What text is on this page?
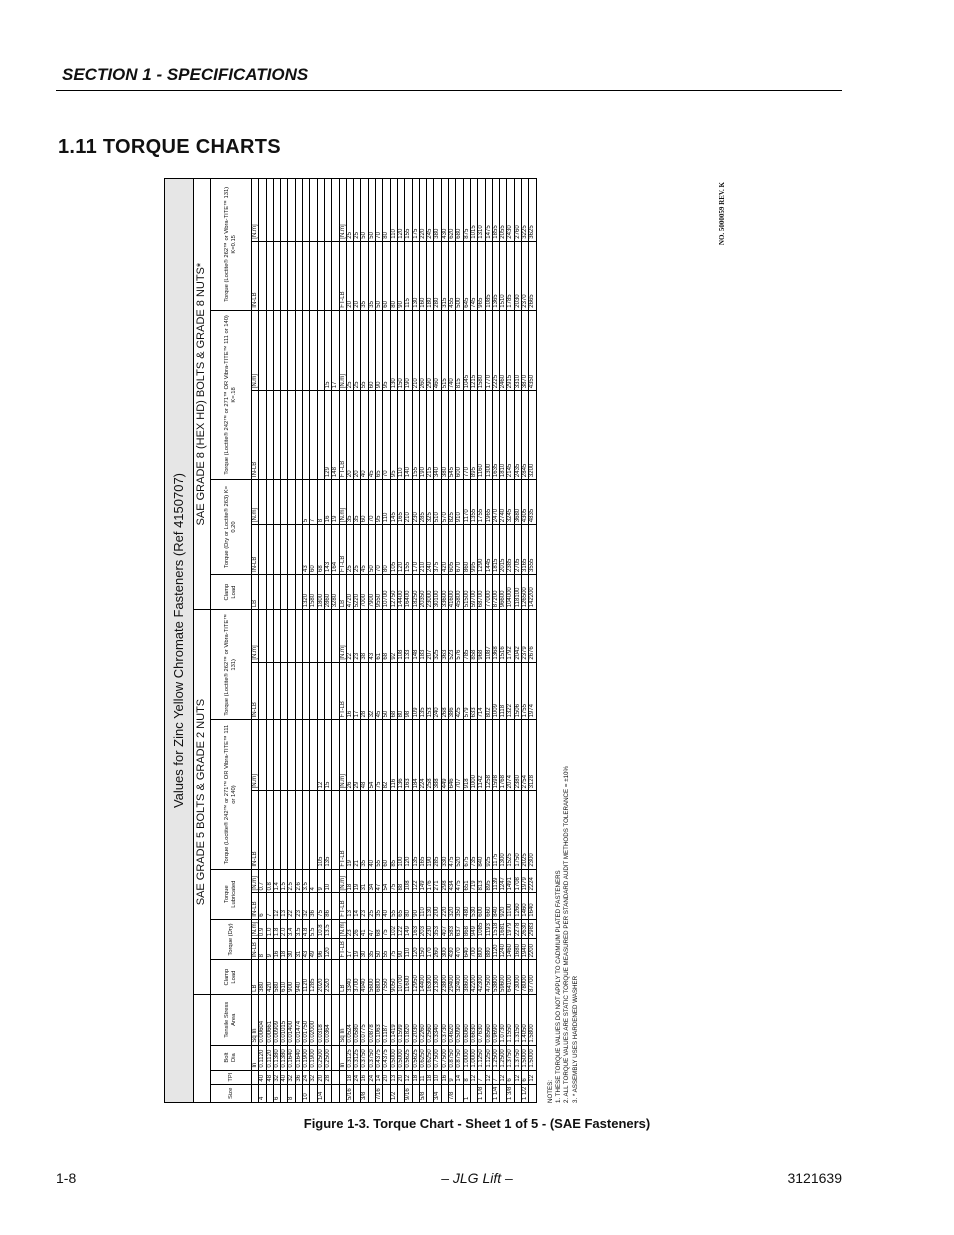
SECTION 1 - SPECIFICATIONS
1.11 TORQUE CHARTS
Values for Zinc Yellow Chromate Fasteners (Ref 4150707)																			
				SAE GRADE 5 BOLTS & GRADE 2 NUTS									SAE GRADE 8 (HEX HD) BOLTS & GRADE 8 NUTS*						
Size	TPI	Bolt Dia	Tensile Stress Area	Clamp Load	Torque (Dry)		Torque Lubricated		Torque (Loctite® 242™ or 271™ OR Vibra-TITE™ 111 or 140)		Torque (Loctite® 262™ or Vibra-TITE™ 131)		Clamp Load	Torque (Dry or Loctite® 263) K= 0.20		Torque (Loctite® 242™ or 271™ OR Vibra-TITE™ 111 or 140) K=.18		Torque (Loctite® 262™ or Vibra-TITE™ 131) K=0.15	
		In	Sq In	LB	IN-LB	[N.m]	IN-LB	[N.m]	IN-LB	[N.m]	IN-LB	[N.m]	LB	IN-LB	[N.m]	IN-LB	[N.m]	IN-LB	[N.m]
4	40	0.1120	0.00604	380	8	0.9	6	0.7											
	48	0.1120	0.00661	420	9	1.0	7	0.8											
6	32	0.1380	0.00909	580	16	1.8	12	1.4											
	40	0.1380	0.01015	610	18	2.0	13	1.5											
8	32	0.1640	0.01400	900	30	3.4	22	2.5											
	36	0.1640	0.01474	940	31	3.5	23	2.6											
10	24	0.1900	0.01750	1120	43	4.8	32	3.5					1320	43	5				
	32	0.1900	0.02000	1285	49	5.5	36	4					1580	60	7				
1/4	20	0.2500	0.0318	2020	96	10.8	75	9	105	12			1800	68	8				
	28	0.2500	0.0364	2320	120	13.5	86	10	135	15			2860	143	16	129	15		
													3280	164	19	148	17		
		In	Sq In	LB	FT-LB	[N.m]	FT-LB	[N.m]	FT-LB	[N.m]	FT-LB	[N.m]	LB	FT-LB	[N.m]	FT-LB	[N.m]	FT-LB	[N.m]
5/16	18	0.3125	0.0524	3340	17	23	13	18	19	26	16	22	4720	25	35	20	25	20	25
	24	0.3125	0.0580	3700	19	26	14	19	21	29	17	23	5220	25	35	20	25	20	25
3/8	16	0.3750	0.0775	4940	30	41	23	31	35	48	28	38	7000	45	60	40	55	35	50
	24	0.3750	0.0878	5600	35	47	25	34	40	54	32	43	7900	50	70	45	60	35	50
7/16	14	0.4375	0.1063	6800	50	68	35	47	55	75	45	61	9550	70	95	65	90	50	70
	20	0.4375	0.1187	7550	55	75	40	54	60	82	50	68	10700	80	110	70	95	60	80
1/2	13	0.5000	0.1419	9050	75	102	55	75	85	116	68	92	12750	105	145	95	130	80	110
	20	0.5000	0.1599	10700	90	122	65	88	100	136	80	108	14400	120	165	110	150	90	120
9/16	12	0.5625	0.1820	11600	110	149	80	108	120	163	98	133	16400	155	210	140	190	115	155
	18	0.5625	0.2030	12950	120	163	90	122	135	184	109	148	18250	170	230	155	210	130	175
5/8	11	0.6250	0.2260	14400	150	203	110	149	165	224	135	183	20350	210	285	190	260	160	220
	18	0.6250	0.2560	16300	170	230	130	176	190	258	153	207	23000	240	325	215	290	180	245
3/4	10	0.7500	0.3340	21300	260	353	200	271	285	388	240	325	30100	375	510	340	460	280	380
	16	0.7500	0.3730	23800	300	407	220	298	330	449	268	363	33600	420	570	380	515	315	430
7/8	9	0.8750	0.4620	29400	430	583	320	434	475	646	386	523	41600	605	825	545	740	455	620
	14	0.8750	0.5090	32400	470	637	350	475	520	707	425	576	45800	670	910	600	815	500	680
1	8	1.0000	0.6060	38600	640	868	480	651	675	918	579	785	51500	860	1170	770	1045	645	875
	12	1.0000	0.6630	42200	700	949	530	719	735	1000	633	858	59700	995	1355	895	1215	745	1015
1 1/8	7	1.1250	0.7630	42300	800	1085	600	813	840	1142	714	968	68700	1290	1755	1160	1580	965	1310
	12	1.1250	0.8560	47500	880	1193	660	895	925	1258	802	1087	77000	1445	1965	1300	1770	1085	1475
1 1/4	7	1.2500	0.9690	53800	1120	1518	840	1139	1175	1598	1009	1368	87200	1815	2470	1635	2225	1365	1855
	12	1.2500	1.0730	59600	1240	1681	920	1247	1300	1768	1118	1516	96600	2015	2740	1810	2460	1510	2055
1 3/8	6	1.3750	1.1550	64100	1460	1979	1100	1491	1525	2074	1322	1792	104000	2385	3245	2145	2915	1785	2430
	12	1.3750	1.3150	73000	1680	2278	1260	1708	1750	2380	1506	2042	118100	2705	3680	2435	3310	2030	2760
1 1/2	6	1.5000	1.4050	78000	1940	2630	1460	1979	2025	2754	1755	2379	126500	3165	4305	2845	3870	2370	3225
	12	1.5000	1.5800	87700	2200	2983	1640	2224	2300	3128	1974	2676	142200	3555	4835	3200	4350	2665	3625
NOTES: 1. THESE TORQUE VALUES DO NOT APPLY TO CADMIUM PLATED FASTENERS 2. ALL TORQUE VALUES ARE STATIC TORQUE MEASURED PER STANDARD AUDIT METHODS TOLERANCE = ±10% 3. * ASSEMBLY USES HARDENED WASHER
NO. 5000059 REV. K
Figure 1-3. Torque Chart - Sheet 1 of 5 - (SAE Fasteners)
1-8	– JLG Lift –	3121639
